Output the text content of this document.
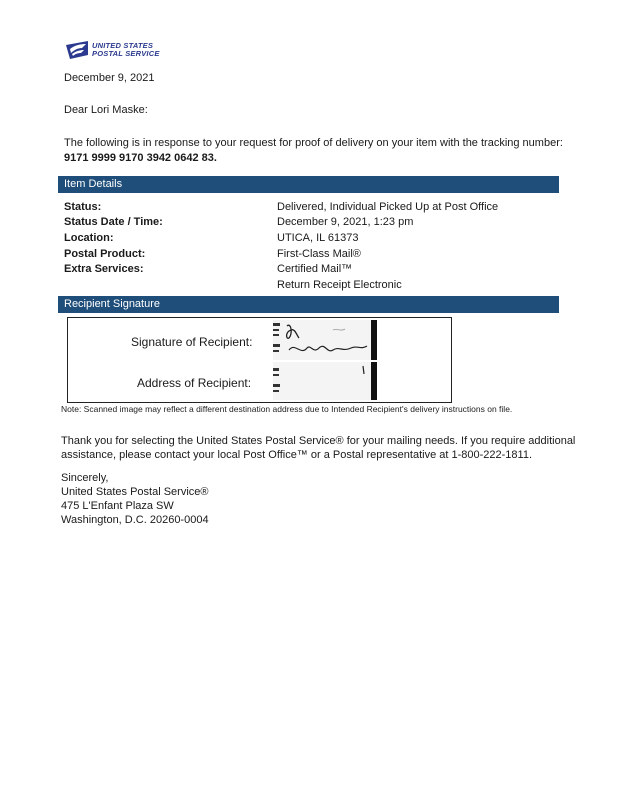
UNITED STATES
POSTAL SERVICE
December 9, 2021
Dear Lori Maske:
The following is in response to your request for proof of delivery on your item with the tracking number:
9171 9999 9170 3942 0642 83.
Item Details
Status:	Delivered, Individual Picked Up at Post Office
Status Date / Time:	December 9, 2021, 1:23 pm
Location:	UTICA, IL 61373
Postal Product:	First-Class Mail®
Extra Services:	Certified Mail™
Return Receipt Electronic
Recipient Signature
Signature of Recipient:
Address of Recipient:
Note: Scanned image may reflect a different destination address due to Intended Recipient's delivery instructions on file.
Thank you for selecting the United States Postal Service® for your mailing needs. If you require additional
assistance, please contact your local Post Office™ or a Postal representative at 1-800-222-1811.
Sincerely,
United States Postal Service®
475 L'Enfant Plaza SW
Washington, D.C. 20260-0004
